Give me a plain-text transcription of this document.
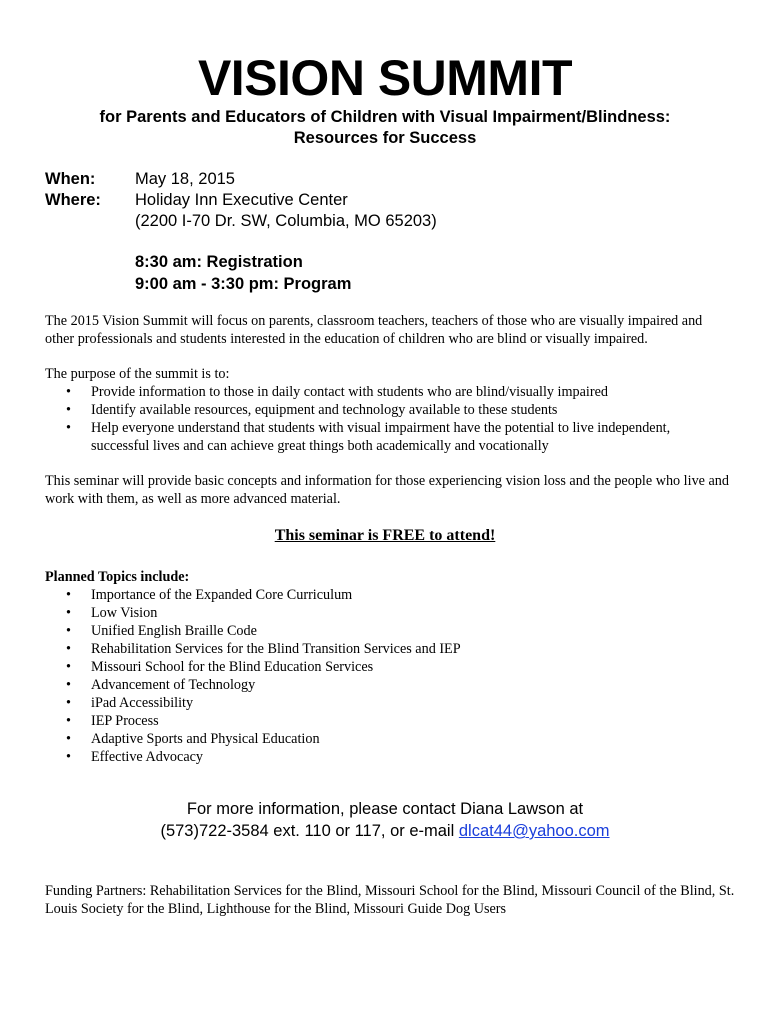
VISION SUMMIT
for Parents and Educators of Children with Visual Impairment/Blindness:
Resources for Success
When: May 18, 2015
Where: Holiday Inn Executive Center
(2200 I-70 Dr. SW, Columbia, MO 65203)
8:30 am: Registration
9:00 am - 3:30 pm: Program
The 2015 Vision Summit will focus on parents, classroom teachers, teachers of those who are visually impaired and other professionals and students interested in the education of children who are blind or visually impaired.
The purpose of the summit is to:
• Provide information to those in daily contact with students who are blind/visually impaired
• Identify available resources, equipment and technology available to these students
• Help everyone understand that students with visual impairment have the potential to live independent, successful lives and can achieve great things both academically and vocationally
This seminar will provide basic concepts and information for those experiencing vision loss and the people who live and work with them, as well as more advanced material.
This seminar is FREE to attend!
Planned Topics include:
• Importance of the Expanded Core Curriculum
• Low Vision
• Unified English Braille Code
• Rehabilitation Services for the Blind Transition Services and IEP
• Missouri School for the Blind Education Services
• Advancement of Technology
• iPad Accessibility
• IEP Process
• Adaptive Sports and Physical Education
• Effective Advocacy
For more information, please contact Diana Lawson at
(573)722-3584 ext. 110 or 117, or e-mail dlcat44@yahoo.com
Funding Partners: Rehabilitation Services for the Blind, Missouri School for the Blind, Missouri Council of the Blind, St. Louis Society for the Blind, Lighthouse for the Blind, Missouri Guide Dog Users
